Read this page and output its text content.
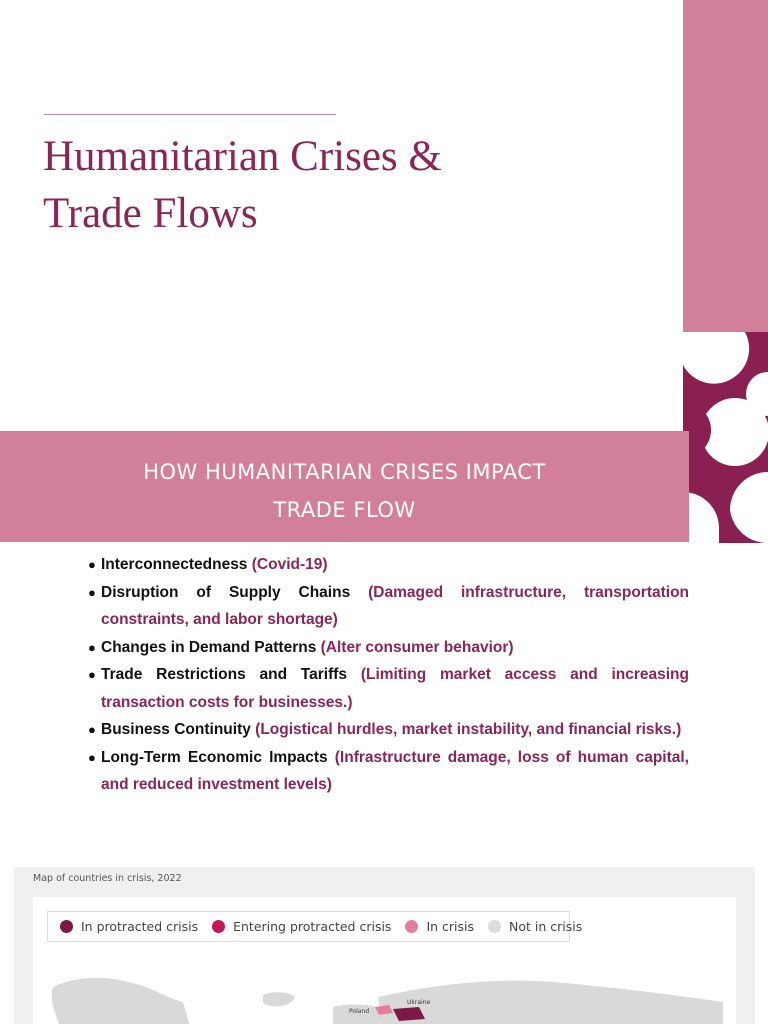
Humanitarian Crises &
Trade Flows
HOW HUMANITARIAN CRISES IMPACT
TRADE FLOW
● Interconnectedness (Covid-19)
● Disruption of Supply Chains (Damaged infrastructure, transportation constraints, and labor shortage)
● Changes in Demand Patterns (Alter consumer behavior)
● Trade Restrictions and Tariffs (Limiting market access and increasing transaction costs for businesses.)
● Business Continuity (Logistical hurdles, market instability, and financial risks.)
● Long-Term Economic Impacts (Infrastructure damage, loss of human capital, and reduced investment levels)
Map of countries in crisis, 2022
In protracted crisis	Entering protracted crisis	In crisis	Not in crisis
Ukraine
Poland
